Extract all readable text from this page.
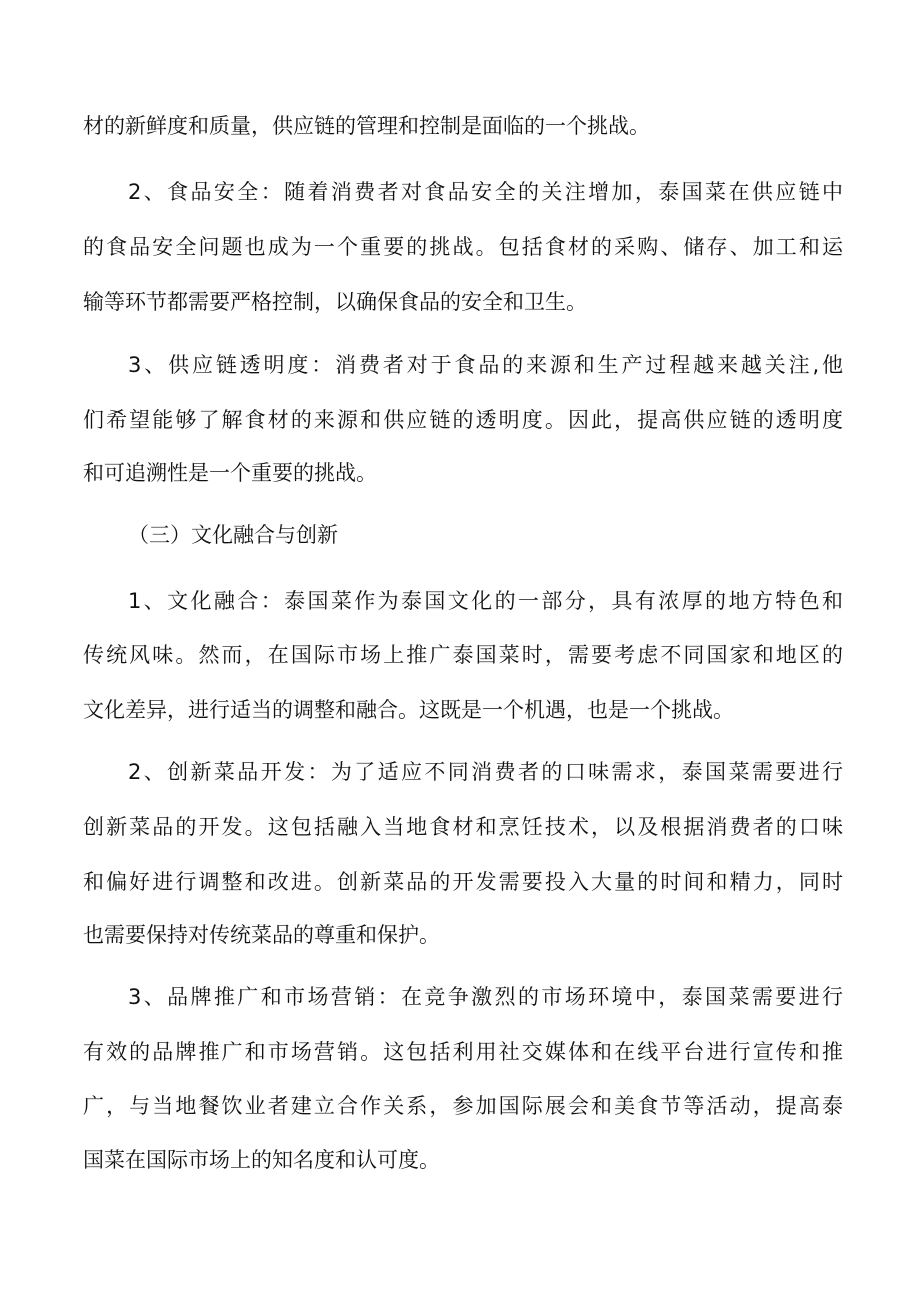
材的新鲜度和质量，供应链的管理和控制是面临的一个挑战。
2、食品安全：随着消费者对食品安全的关注增加，泰国菜在供应链中
的食品安全问题也成为一个重要的挑战。包括食材的采购、储存、加工和运
输等环节都需要严格控制，以确保食品的安全和卫生。
3、供应链透明度：消费者对于食品的来源和生产过程越来越关注,他
们希望能够了解食材的来源和供应链的透明度。因此，提高供应链的透明度
和可追溯性是一个重要的挑战。
（三）文化融合与创新
1、文化融合：泰国菜作为泰国文化的一部分，具有浓厚的地方特色和
传统风味。然而，在国际市场上推广泰国菜时，需要考虑不同国家和地区的
文化差异，进行适当的调整和融合。这既是一个机遇，也是一个挑战。
2、创新菜品开发：为了适应不同消费者的口味需求，泰国菜需要进行
创新菜品的开发。这包括融入当地食材和烹饪技术，以及根据消费者的口味
和偏好进行调整和改进。创新菜品的开发需要投入大量的时间和精力，同时
也需要保持对传统菜品的尊重和保护。
3、品牌推广和市场营销：在竞争激烈的市场环境中，泰国菜需要进行
有效的品牌推广和市场营销。这包括利用社交媒体和在线平台进行宣传和推
广，与当地餐饮业者建立合作关系，参加国际展会和美食节等活动，提高泰
国菜在国际市场上的知名度和认可度。
